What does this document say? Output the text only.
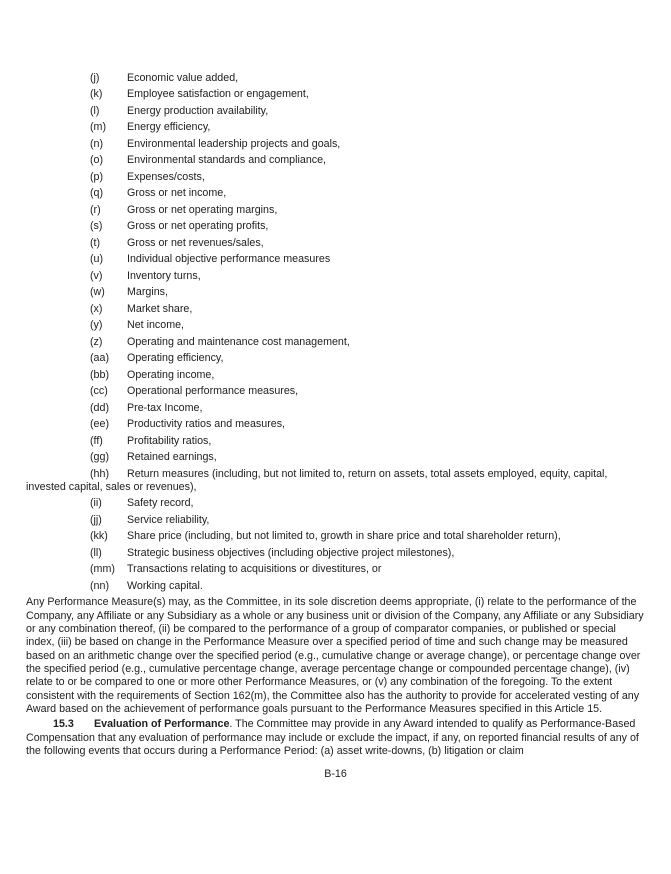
(j)	Economic value added,
(k) Employee satisfaction or engagement,
(l)	Energy production availability,
(m) Energy efficiency,
(n) Environmental leadership projects and goals,
(o) Environmental standards and compliance,
(p) Expenses/costs,
(q) Gross or net income,
(r) Gross or net operating margins,
(s) Gross or net operating profits,
(t)	Gross or net revenues/sales,
(u) Individual objective performance measures
(v) Inventory turns,
(w) Margins,
(x) Market share,
(y) Net income,
(z) Operating and maintenance cost management,
(aa) Operating efficiency,
(bb) Operating income,
(cc) Operational performance measures,
(dd) Pre-tax Income,
(ee) Productivity ratios and measures,
(ff) Profitability ratios,
(gg) Retained earnings,
(hh) Return measures (including, but not limited to, return on assets, total assets employed, equity, capital, invested capital, sales or revenues),
(ii) Safety record,
(jj) Service reliability,
(kk) Share price (including, but not limited to, growth in share price and total shareholder return),
(ll) Strategic business objectives (including objective project milestones),
(mm) Transactions relating to acquisitions or divestitures, or
(nn) Working capital.
Any Performance Measure(s) may, as the Committee, in its sole discretion deems appropriate, (i) relate to the performance of the Company, any Affiliate or any Subsidiary as a whole or any business unit or division of the Company, any Affiliate or any Subsidiary or any combination thereof, (ii) be compared to the performance of a group of comparator companies, or published or special index, (iii) be based on change in the Performance Measure over a specified period of time and such change may be measured based on an arithmetic change over the specified period (e.g., cumulative change or average change), or percentage change over the specified period (e.g., cumulative percentage change, average percentage change or compounded percentage change), (iv) relate to or be compared to one or more other Performance Measures, or (v) any combination of the foregoing. To the extent consistent with the requirements of Section 162(m), the Committee also has the authority to provide for accelerated vesting of any Award based on the achievement of performance goals pursuant to the Performance Measures specified in this Article 15.
15.3 Evaluation of Performance. The Committee may provide in any Award intended to qualify as Performance-Based Compensation that any evaluation of performance may include or exclude the impact, if any, on reported financial results of any of the following events that occurs during a Performance Period: (a) asset write-downs, (b) litigation or claim
B-16
